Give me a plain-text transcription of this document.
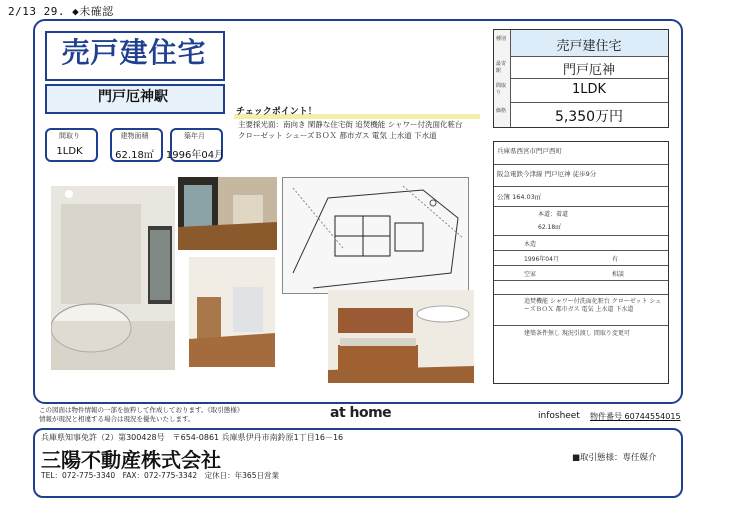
2/13 29. ◆未確認
売戸建住宅
門戸厄神駅
間取り
1LDK
建物面積
62.18㎡
築年月
1996年04月
チェックポイント！
主要採光面：南向き 閑静な住宅街 追焚機能 シャワー付洗面化粧台 クローゼット シューズＢＯＸ 都市ガス 電気 上水道 下水道
種別	売戸建住宅
最寄駅	門戸厄神
間取り	1LDK
価格	5,350万円
兵庫県西宮市門戸西町
阪急電鉄今津線 門戸厄神 徒歩9分
公簿 164.03㎡
本道：着道
62.18㎡
木造
1996年04月	有
空家	相談
追焚機能 シャワー付洗面化粧台 クローゼット シューズＢＯＸ 都市ガス 電気 上水道 下水道
建築条件無し 現況引渡し 間取り変更可
この図面は物件情報の一部を抜粋して作成しております。《取引態様》
情報が現況と相違する場合は現況を優先いたします。	at home	infosheet 物件番号 60744554015
兵庫県知事免許（2）第300428号　〒654-0861 兵庫県伊丹市南鈴原1丁目16－16
三陽不動産株式会社
TEL：072-775-3340　FAX：072-775-3342　定休日：年365日営業
■取引態様：専任媒介
